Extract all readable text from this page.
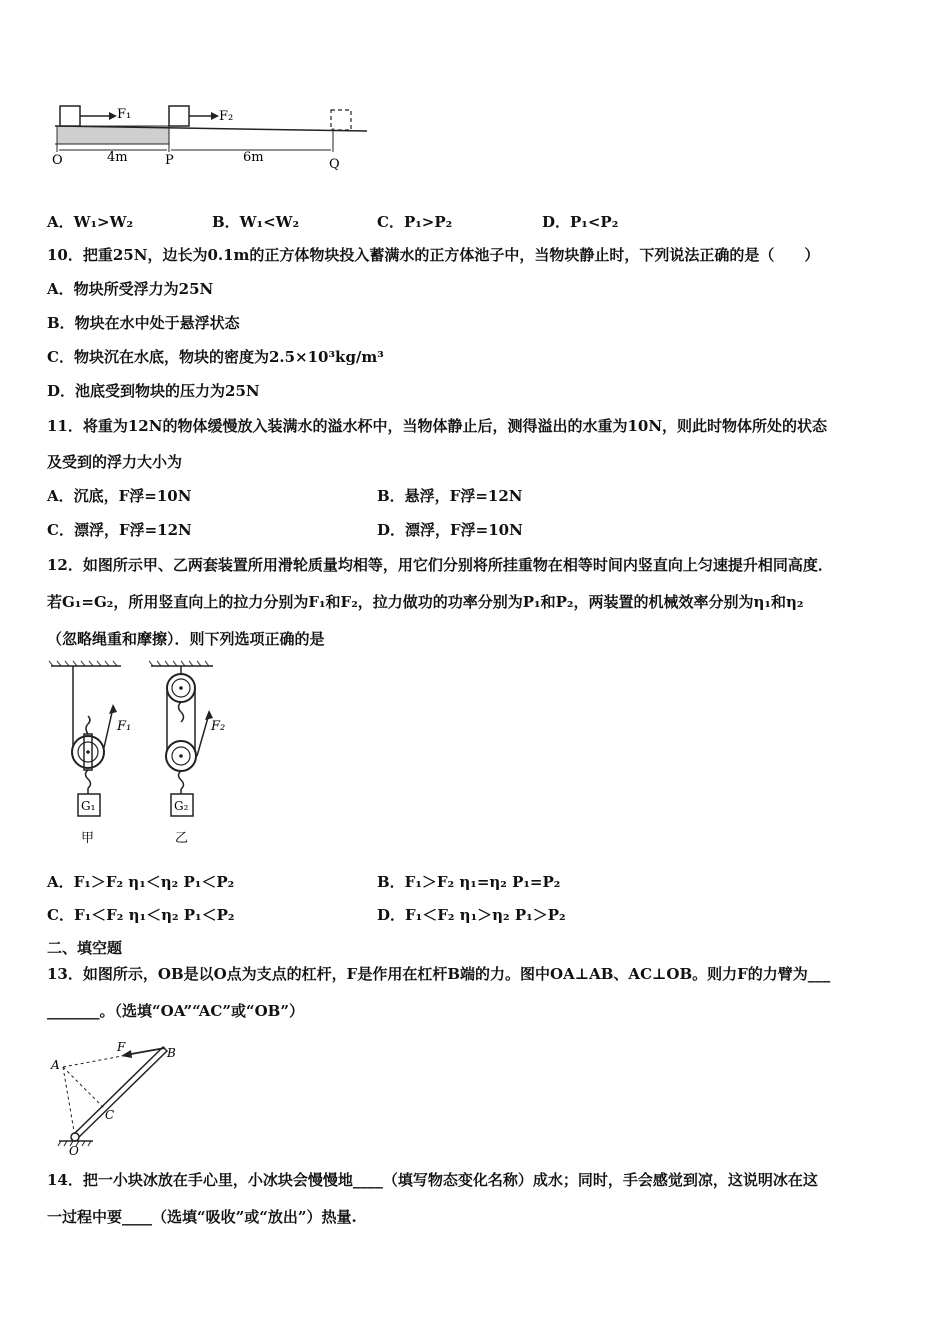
F₁	F₂
O	4m	P	6m	Q
A．W₁>W₂	B．W₁<W₂	C．P₁>P₂	D．P₁<P₂
10．把重25N，边长为0.1m的正方体物块投入蓄满水的正方体池子中，当物块静止时，下列说法正确的是（　　）
A．物块所受浮力为25N
B．物块在水中处于悬浮状态
C．物块沉在水底，物块的密度为2.5×10³kg/m³
D．池底受到物块的压力为25N
11．将重为12N的物体缓慢放入装满水的溢水杯中，当物体静止后，测得溢出的水重为10N，则此时物体所处的状态
及受到的浮力大小为
A．沉底，F浮=10N	B．悬浮，F浮=12N
C．漂浮，F浮=12N	D．漂浮，F浮=10N
12．如图所示甲、乙两套装置所用滑轮质量均相等，用它们分别将所挂重物在相等时间内竖直向上匀速提升相同高度．
若G₁=G₂，所用竖直向上的拉力分别为F₁和F₂，拉力做功的功率分别为P₁和P₂，两装置的机械效率分别为η₁和η₂
（忽略绳重和摩擦）．则下列选项正确的是
G₁
F₁
甲
G₂
F₂
乙
A．F₁＞F₂ η₁＜η₂ P₁＜P₂	B．F₁＞F₂ η₁=η₂ P₁=P₂
C．F₁＜F₂ η₁＜η₂ P₁＜P₂	D．F₁＜F₂ η₁＞η₂ P₁＞P₂
二、填空题
13．如图所示，OB是以O点为支点的杠杆，F是作用在杠杆B端的力。图中OA⊥AB、AC⊥OB。则力F的力臂为___
_______。（选填“OA”“AC”或“OB”）
A
F	B
C
O
14．把一小块冰放在手心里，小冰块会慢慢地____（填写物态变化名称）成水；同时，手会感觉到凉，这说明冰在这
一过程中要____（选填“吸收”或“放出”）热量.
